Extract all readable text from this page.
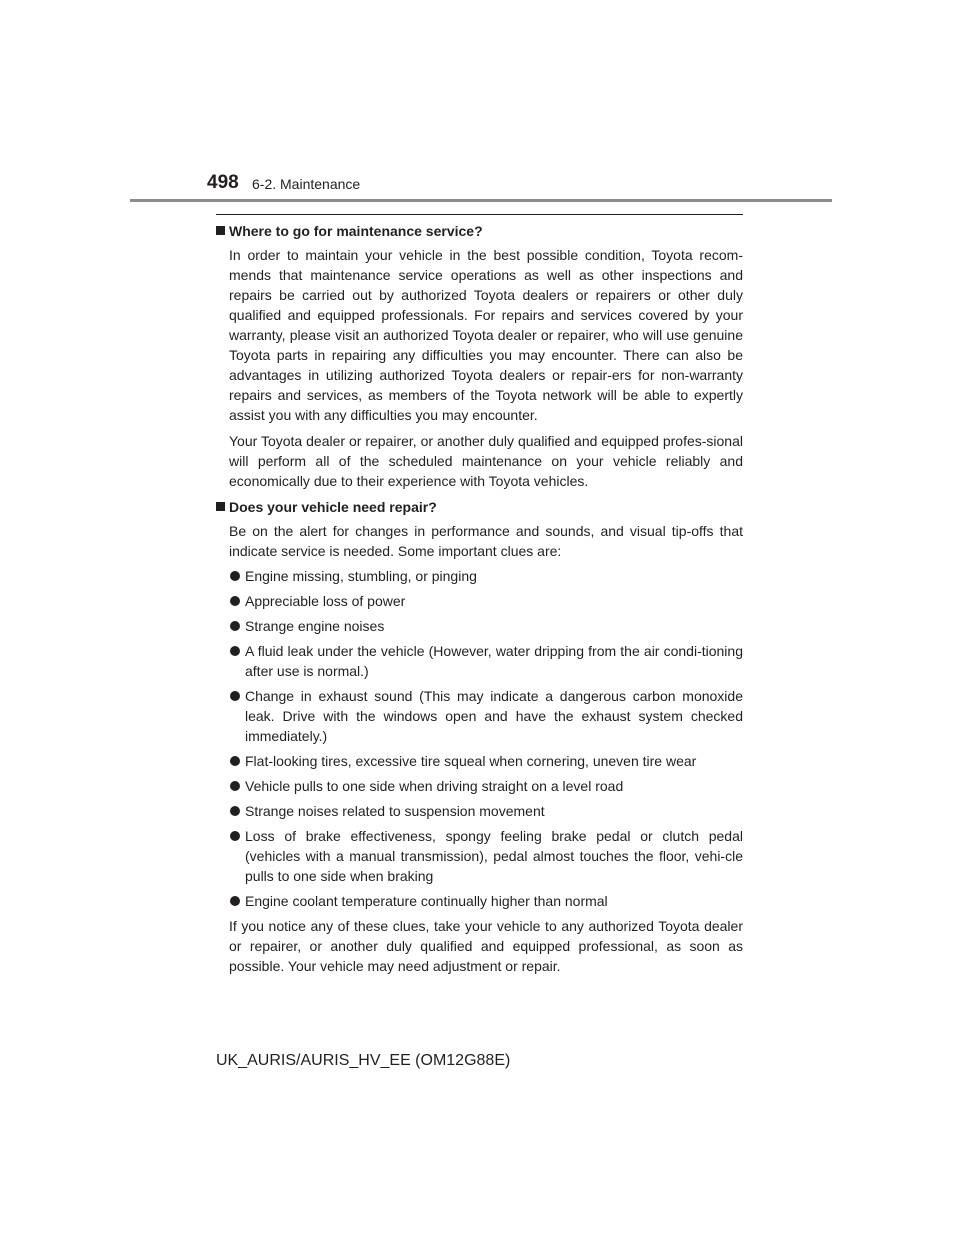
498 6-2. Maintenance

Where to go for maintenance service?

In order to maintain your vehicle in the best possible condition, Toyota recom-mends that maintenance service operations as well as other inspections and repairs be carried out by authorized Toyota dealers or repairers or other duly qualified and equipped professionals. For repairs and services covered by your warranty, please visit an authorized Toyota dealer or repairer, who will use genuine Toyota parts in repairing any difficulties you may encounter. There can also be advantages in utilizing authorized Toyota dealers or repair-ers for non-warranty repairs and services, as members of the Toyota network will be able to expertly assist you with any difficulties you may encounter.

Your Toyota dealer or repairer, or another duly qualified and equipped profes-sional will perform all of the scheduled maintenance on your vehicle reliably and economically due to their experience with Toyota vehicles.

Does your vehicle need repair?

Be on the alert for changes in performance and sounds, and visual tip-offs that indicate service is needed. Some important clues are:

Engine missing, stumbling, or pinging
Appreciable loss of power
Strange engine noises
A fluid leak under the vehicle (However, water dripping from the air condi-tioning after use is normal.)
Change in exhaust sound (This may indicate a dangerous carbon monoxide leak. Drive with the windows open and have the exhaust system checked immediately.)
Flat-looking tires, excessive tire squeal when cornering, uneven tire wear
Vehicle pulls to one side when driving straight on a level road
Strange noises related to suspension movement
Loss of brake effectiveness, spongy feeling brake pedal or clutch pedal (vehicles with a manual transmission), pedal almost touches the floor, vehi-cle pulls to one side when braking
Engine coolant temperature continually higher than normal

If you notice any of these clues, take your vehicle to any authorized Toyota dealer or repairer, or another duly qualified and equipped professional, as soon as possible. Your vehicle may need adjustment or repair.

UK_AURIS/AURIS_HV_EE (OM12G88E)
